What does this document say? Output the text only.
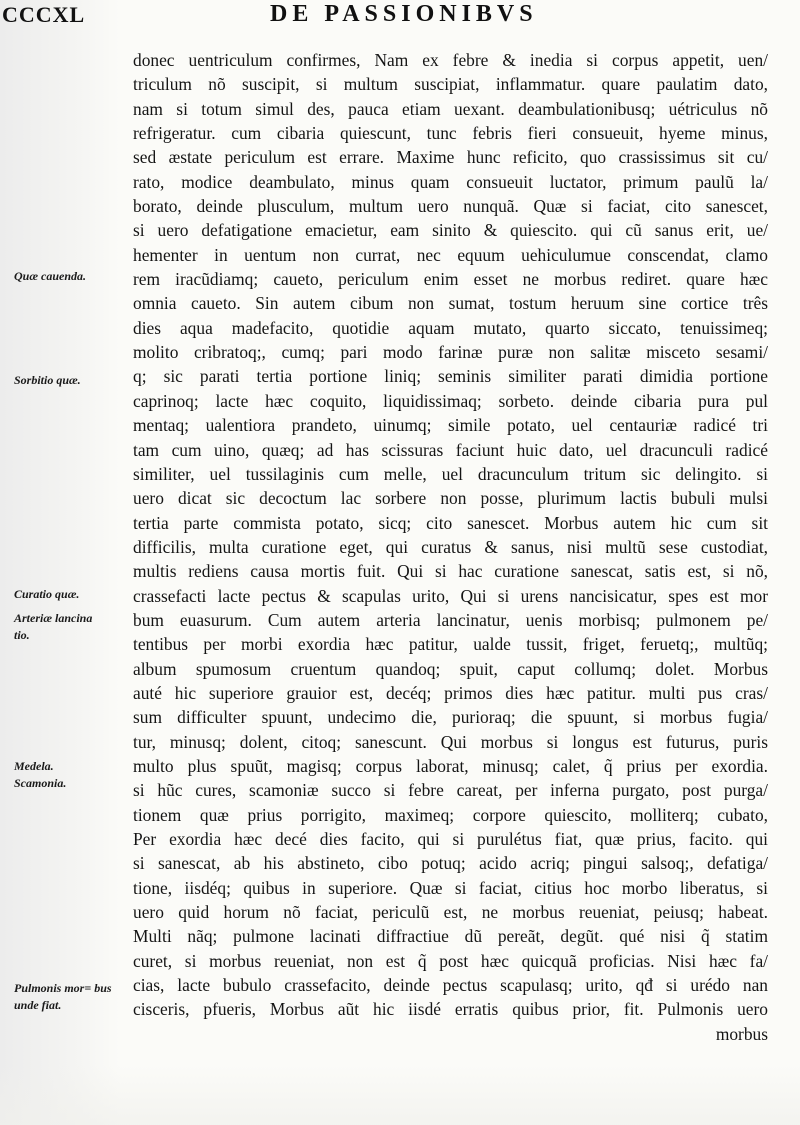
CCCXL	DE PASSIONIBVS
donec uentriculum confirmes, Nam ex febre & inedia si corpus appetit, uen/
triculum nõ suscipit, si multum suscipiat, inflammatur. quare paulatim dato,
nam si totum simul des, pauca etiam uexant. deambulationibusq; uétriculus nõ
refrigeratur. cum cibaria quiescunt, tunc febris fieri consueuit, hyeme minus,
sed æstate periculum est errare. Maxime hunc reficito, quo crassissimus sit cu/
rato, modice deambulato, minus quam consueuit luctator, primum paulũ la/
borato, deinde plusculum, multum uero nunquã. Quæ si faciat, cito sanescet,
si uero defatigatione emacietur, eam sinito & quiescito. qui cũ sanus erit, ue/
hementer in uentum non currat, nec equum uehiculumue conscendat, clamo
rem iracũdiamq; caueto, periculum enim esset ne morbus rediret. quare hæc
omnia caueto. Sin autem cibum non sumat, tostum heruum sine cortice três
dies aqua madefacito, quotidie aquam mutato, quarto siccato, tenuissimeq;
molito cribratoq;, cumq; pari modo farinæ puræ non salitæ misceto sesami/
q; sic parati tertia portione liniq; seminis similiter parati dimidia portione
caprinoq; lacte hæc coquito, liquidissimaq; sorbeto. deinde cibaria pura pul
mentaq; ualentiora prandeto, uinumq; simile potato, uel centauriæ radicé tri
tam cum uino, quæq; ad has scissuras faciunt huic dato, uel dracunculi radicé
similiter, uel tussilaginis cum melle, uel dracunculum tritum sic delingito. si
uero dicat sic decoctum lac sorbere non posse, plurimum lactis bubuli mulsi
tertia parte commista potato, sicq; cito sanescet. Morbus autem hic cum sit
difficilis, multa curatione eget, qui curatus & sanus, nisi multũ sese custodiat,
multis rediens causa mortis fuit. Qui si hac curatione sanescat, satis est, si nõ,
crassefacti lacte pectus & scapulas urito, Qui si urens nancisicatur, spes est mor
bum euasurum. Cum autem arteria lancinatur, uenis morbisq; pulmonem pe/
tentibus per morbi exordia hæc patitur, ualde tussit, friget, feruetq;, multũq;
album spumosum cruentum quandoq; spuit, caput collumq; dolet. Morbus
auté hic superiore grauior est, decéq; primos dies hæc patitur. multi pus cras/
sum difficulter spuunt, undecimo die, puriorаq; die spuunt, si morbus fugia/
tur, minusq; dolent, citoq; sanescunt. Qui morbus si longus est futurus, puris
multo plus spuũt, magisq; corpus laborat, minusq; calet, q̃ prius per exordia.
si hũc cures, scamoniæ succo si febre careat, per inferna purgato, post purga/
tionem quæ prius porrigito, maximeq; corpore quiescito, molliterq; cubato,
Per exordia hæc decé dies facito, qui si purulétus fiat, quæ prius, facito. qui
si sanescat, ab his abstineto, cibo potuq; acido acriq; pingui salsoq;, defatiga/
tione, iisdéq; quibus in superiore. Quæ si faciat, citius hoc morbo liberatus, si
uero quid horum nõ faciat, periculũ est, ne morbus reueniat, peiusq; habeat.
Multi nãq; pulmone lacinati diffractiue dũ pereãt, degũt. qué nisi q̃ statim
curet, si morbus reueniat, non est q̃ post hæc quicquã proficias. Nisi hæc fa/
cias, lacte bubulo crassefacito, deinde pectus scapulasq; urito, qđ si urédo nan
cisceris, pfueris, Morbus aũt hic iisdé erratis quibus prior, fit. Pulmonis uero
morbus
Quæ cauenda.
Sorbitio quæ.
Curatio quæ.
Arteriæ lancina tio.
Medela. Scamonia.
Pulmonis mor= bus unde fiat.
